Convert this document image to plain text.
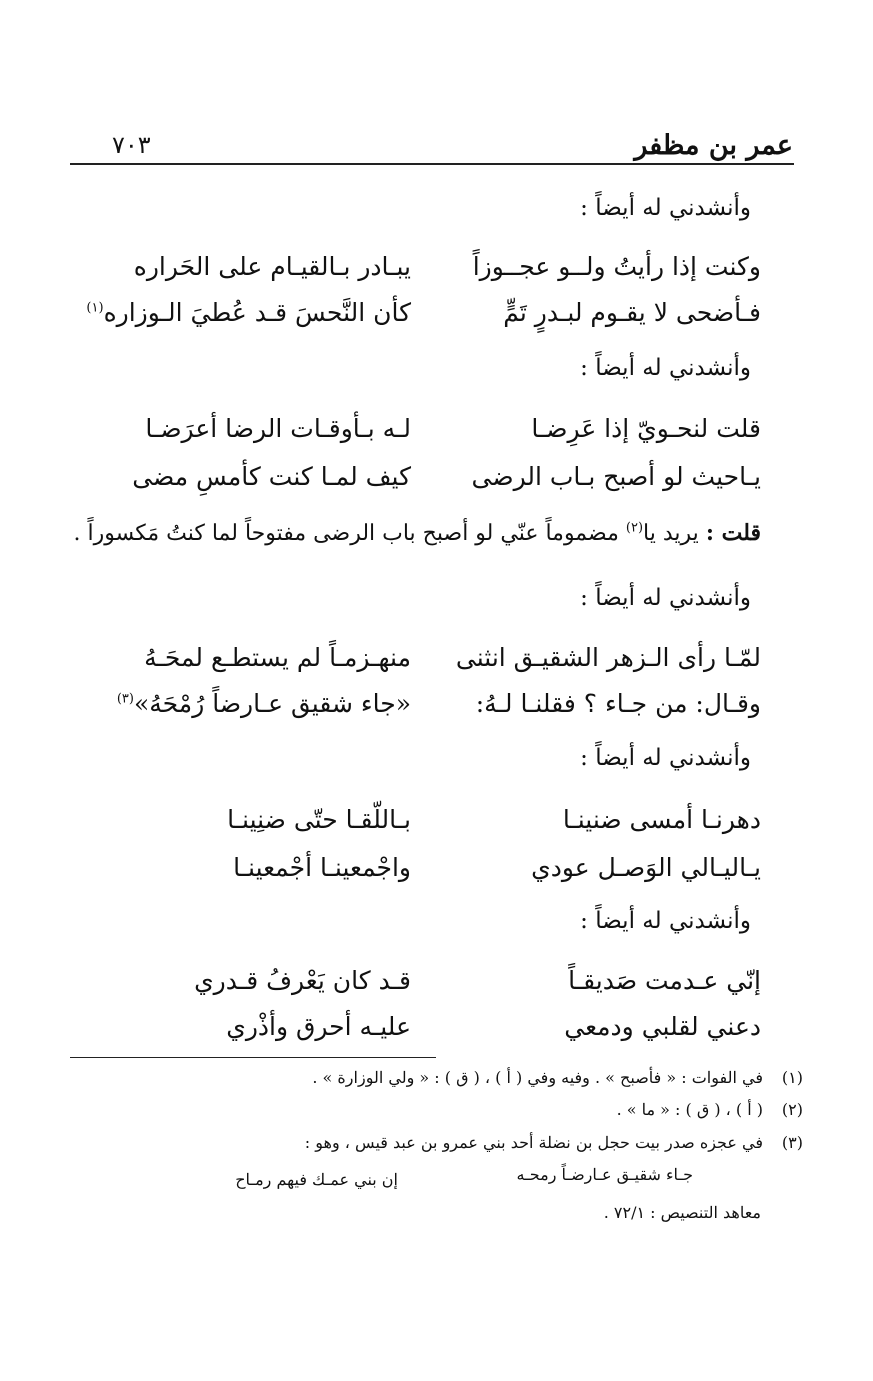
عمر بن مظفر
٧٠٣
وأنشدني له أيضاً :
وكنت إذا رأيتُ ولــو عجــوزاً
يبـادر بـالقيـام على الحَراره
فـأضحى لا يقـوم لبـدرٍ تَمٍّ
كأن النَّحسَ قـد عُطيَ الـوزاره$^{(١)}$
وأنشدني له أيضاً :
قلت لنحـويّ إذا عَرِضـا
لـه بـأوقـات الرضا أعرَضـا
يـاحيث لو أصبح بـاب الرضى
كيف لمـا كنت كأمسِ مضى
قلت : يريد يا$^{(٢)}$ مضموماً عنّي لو أصبح باب الرضى مفتوحاً لما كنتُ مَكسوراً .
وأنشدني له أيضاً :
لمّـا رأى الـزهر الشقيـق انثنى
منهـزمـاً لم يستطـع لمحَـهُ
وقـال: من جـاء ؟ فقلنـا لـهُ:
«جاء شقيق عـارضاً رُمْحَهُ»$^{(٣)}$
وأنشدني له أيضاً :
دهرنـا أمسى ضنينـا
بـاللّقـا حتّى ضنِينـا
يـاليـالي الوَصـل عودي
واجْمعينـا أجْمعينـا
وأنشدني له أيضاً :
إنّي عـدمت صَديقـاً
قـد كان يَعْرفُ قـدري
دعني لقلبي ودمعي
عليـه أحرق وأذْري
(١)
في الفوات : « فأصبح » . وفيه وفي ( أ ) ، ( ق ) : « ولي الوزارة » .
(٢)
( أ ) ، ( ق ) : « ما » .
(٣)
في عجزه صدر بيت حجل بن نضلة أحد بني عمرو بن عبد قيس ، وهو :
جـاء شقيـق عـارضـاً رمحـه
إن بني عمـك فيهم رمـاح
معاهد التنصيص : ٧٢/١ .
